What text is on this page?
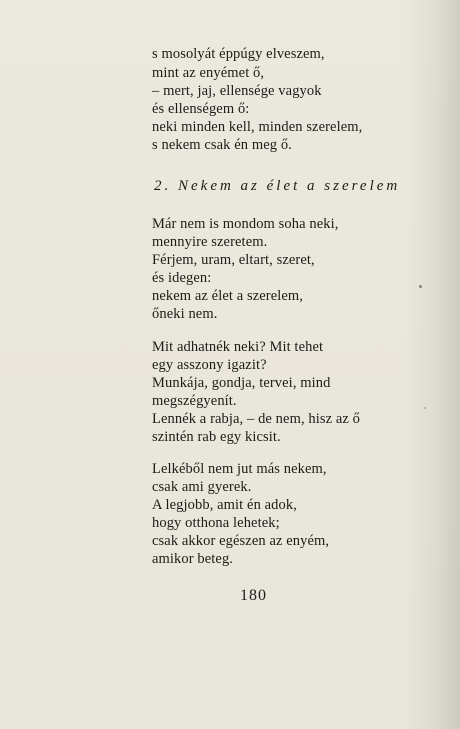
s mosolyát éppúgy elveszem,
mint az enyémet ő,
– mert, jaj, ellensége vagyok
és ellenségem ő:
neki minden kell, minden szerelem,
s nekem csak én meg ő.
2. Nekem az élet a szerelem
Már nem is mondom soha neki,
mennyire szeretem.
Férjem, uram, eltart, szeret,
és idegen:
nekem az élet a szerelem,
őneki nem.
Mit adhatnék neki? Mit tehet
egy asszony igazit?
Munkája, gondja, tervei, mind
megszégyenít.
Lennék a rabja, – de nem, hisz az ő
szintén rab egy kicsit.
Lelkéből nem jut más nekem,
csak ami gyerek.
A legjobb, amit én adok,
hogy otthona lehetek;
csak akkor egészen az enyém,
amikor beteg.
180
